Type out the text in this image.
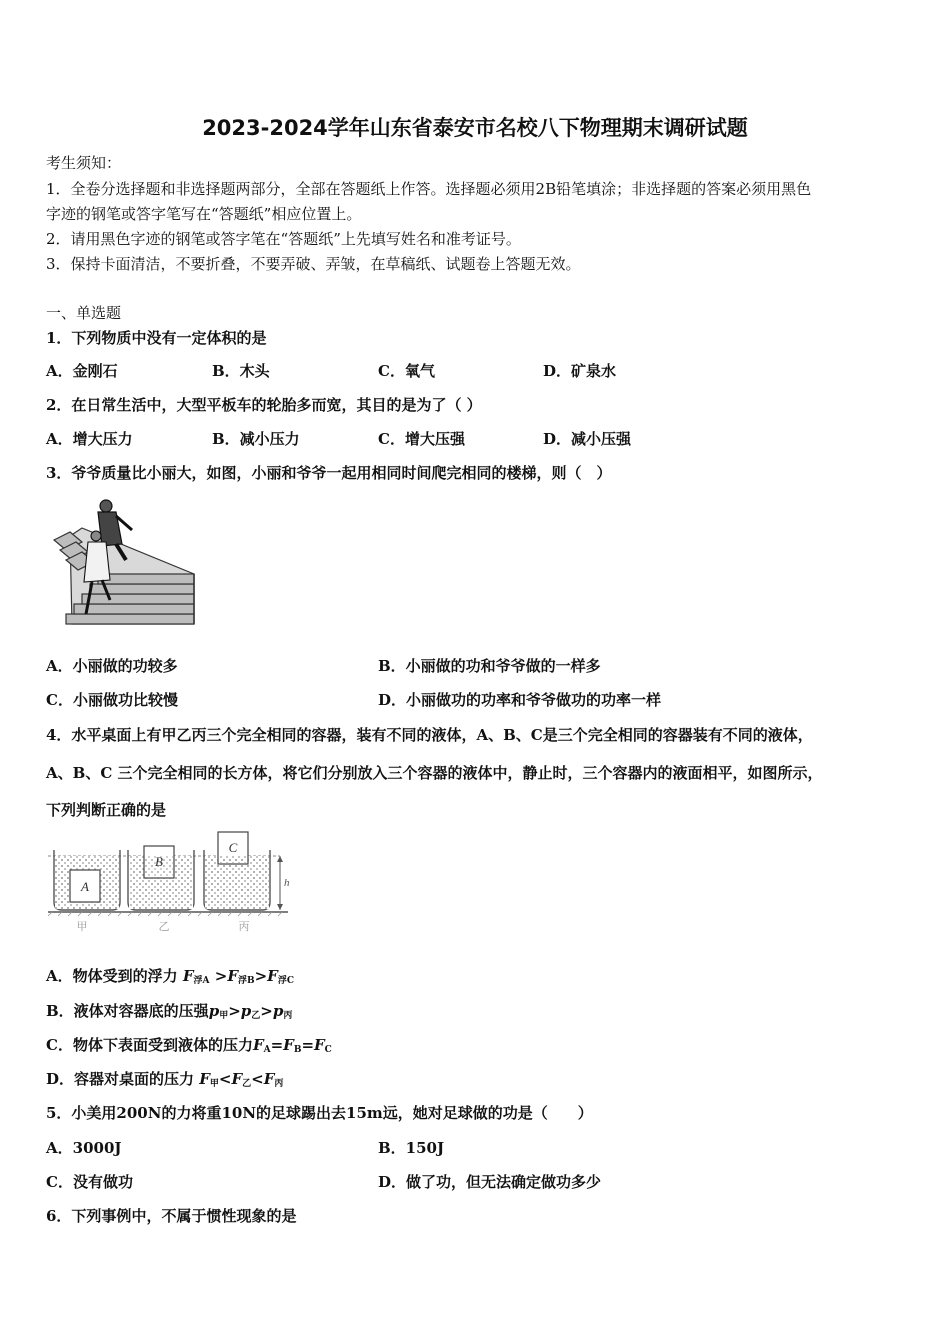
2023-2024学年山东省泰安市名校八下物理期末调研试题
考生须知：
1．全卷分选择题和非选择题两部分，全部在答题纸上作答。选择题必须用2B铅笔填涂；非选择题的答案必须用黑色
字迹的钢笔或答字笔写在“答题纸”相应位置上。
2．请用黑色字迹的钢笔或答字笔在“答题纸”上先填写姓名和准考证号。
3．保持卡面清洁，不要折叠，不要弄破、弄皱，在草稿纸、试题卷上答题无效。
一、单选题
1．下列物质中没有一定体积的是
A．金刚石	B．木头	C．氧气	D．矿泉水
2．在日常生活中，大型平板车的轮胎多而宽，其目的是为了（ ）
A．增大压力	B．减小压力	C．增大压强	D．减小压强
3．爷爷质量比小丽大，如图，小丽和爷爷一起用相同时间爬完相同的楼梯，则（　）
A．小丽做的功较多	B．小丽做的功和爷爷做的一样多
C．小丽做功比较慢	D．小丽做功的功率和爷爷做功的功率一样
4．水平桌面上有甲乙丙三个完全相同的容器，装有不同的液体，A、B、C是三个完全相同的容器装有不同的液体，
A、B、C 三个完全相同的长方体，将它们分别放入三个容器的液体中，静止时，三个容器内的液面相平，如图所示，
下列判断正确的是
A
B
C
h
甲	乙	丙
A．物体受到的浮力 $F_{浮A} >F_{浮B}>F_{浮C}$
B．液体对容器底的压强$p_甲>p_乙>p_丙$
C．物体下表面受到液体的压力$F_A=F_B=F_C$
D．容器对桌面的压力 $F_甲<F_乙<F_丙$
5．小美用200N的力将重10N的足球踢出去15m远，她对足球做的功是（　　）
A．3000J	B．150J
C．没有做功	D．做了功，但无法确定做功多少
6．下列事例中，不属于惯性现象的是
